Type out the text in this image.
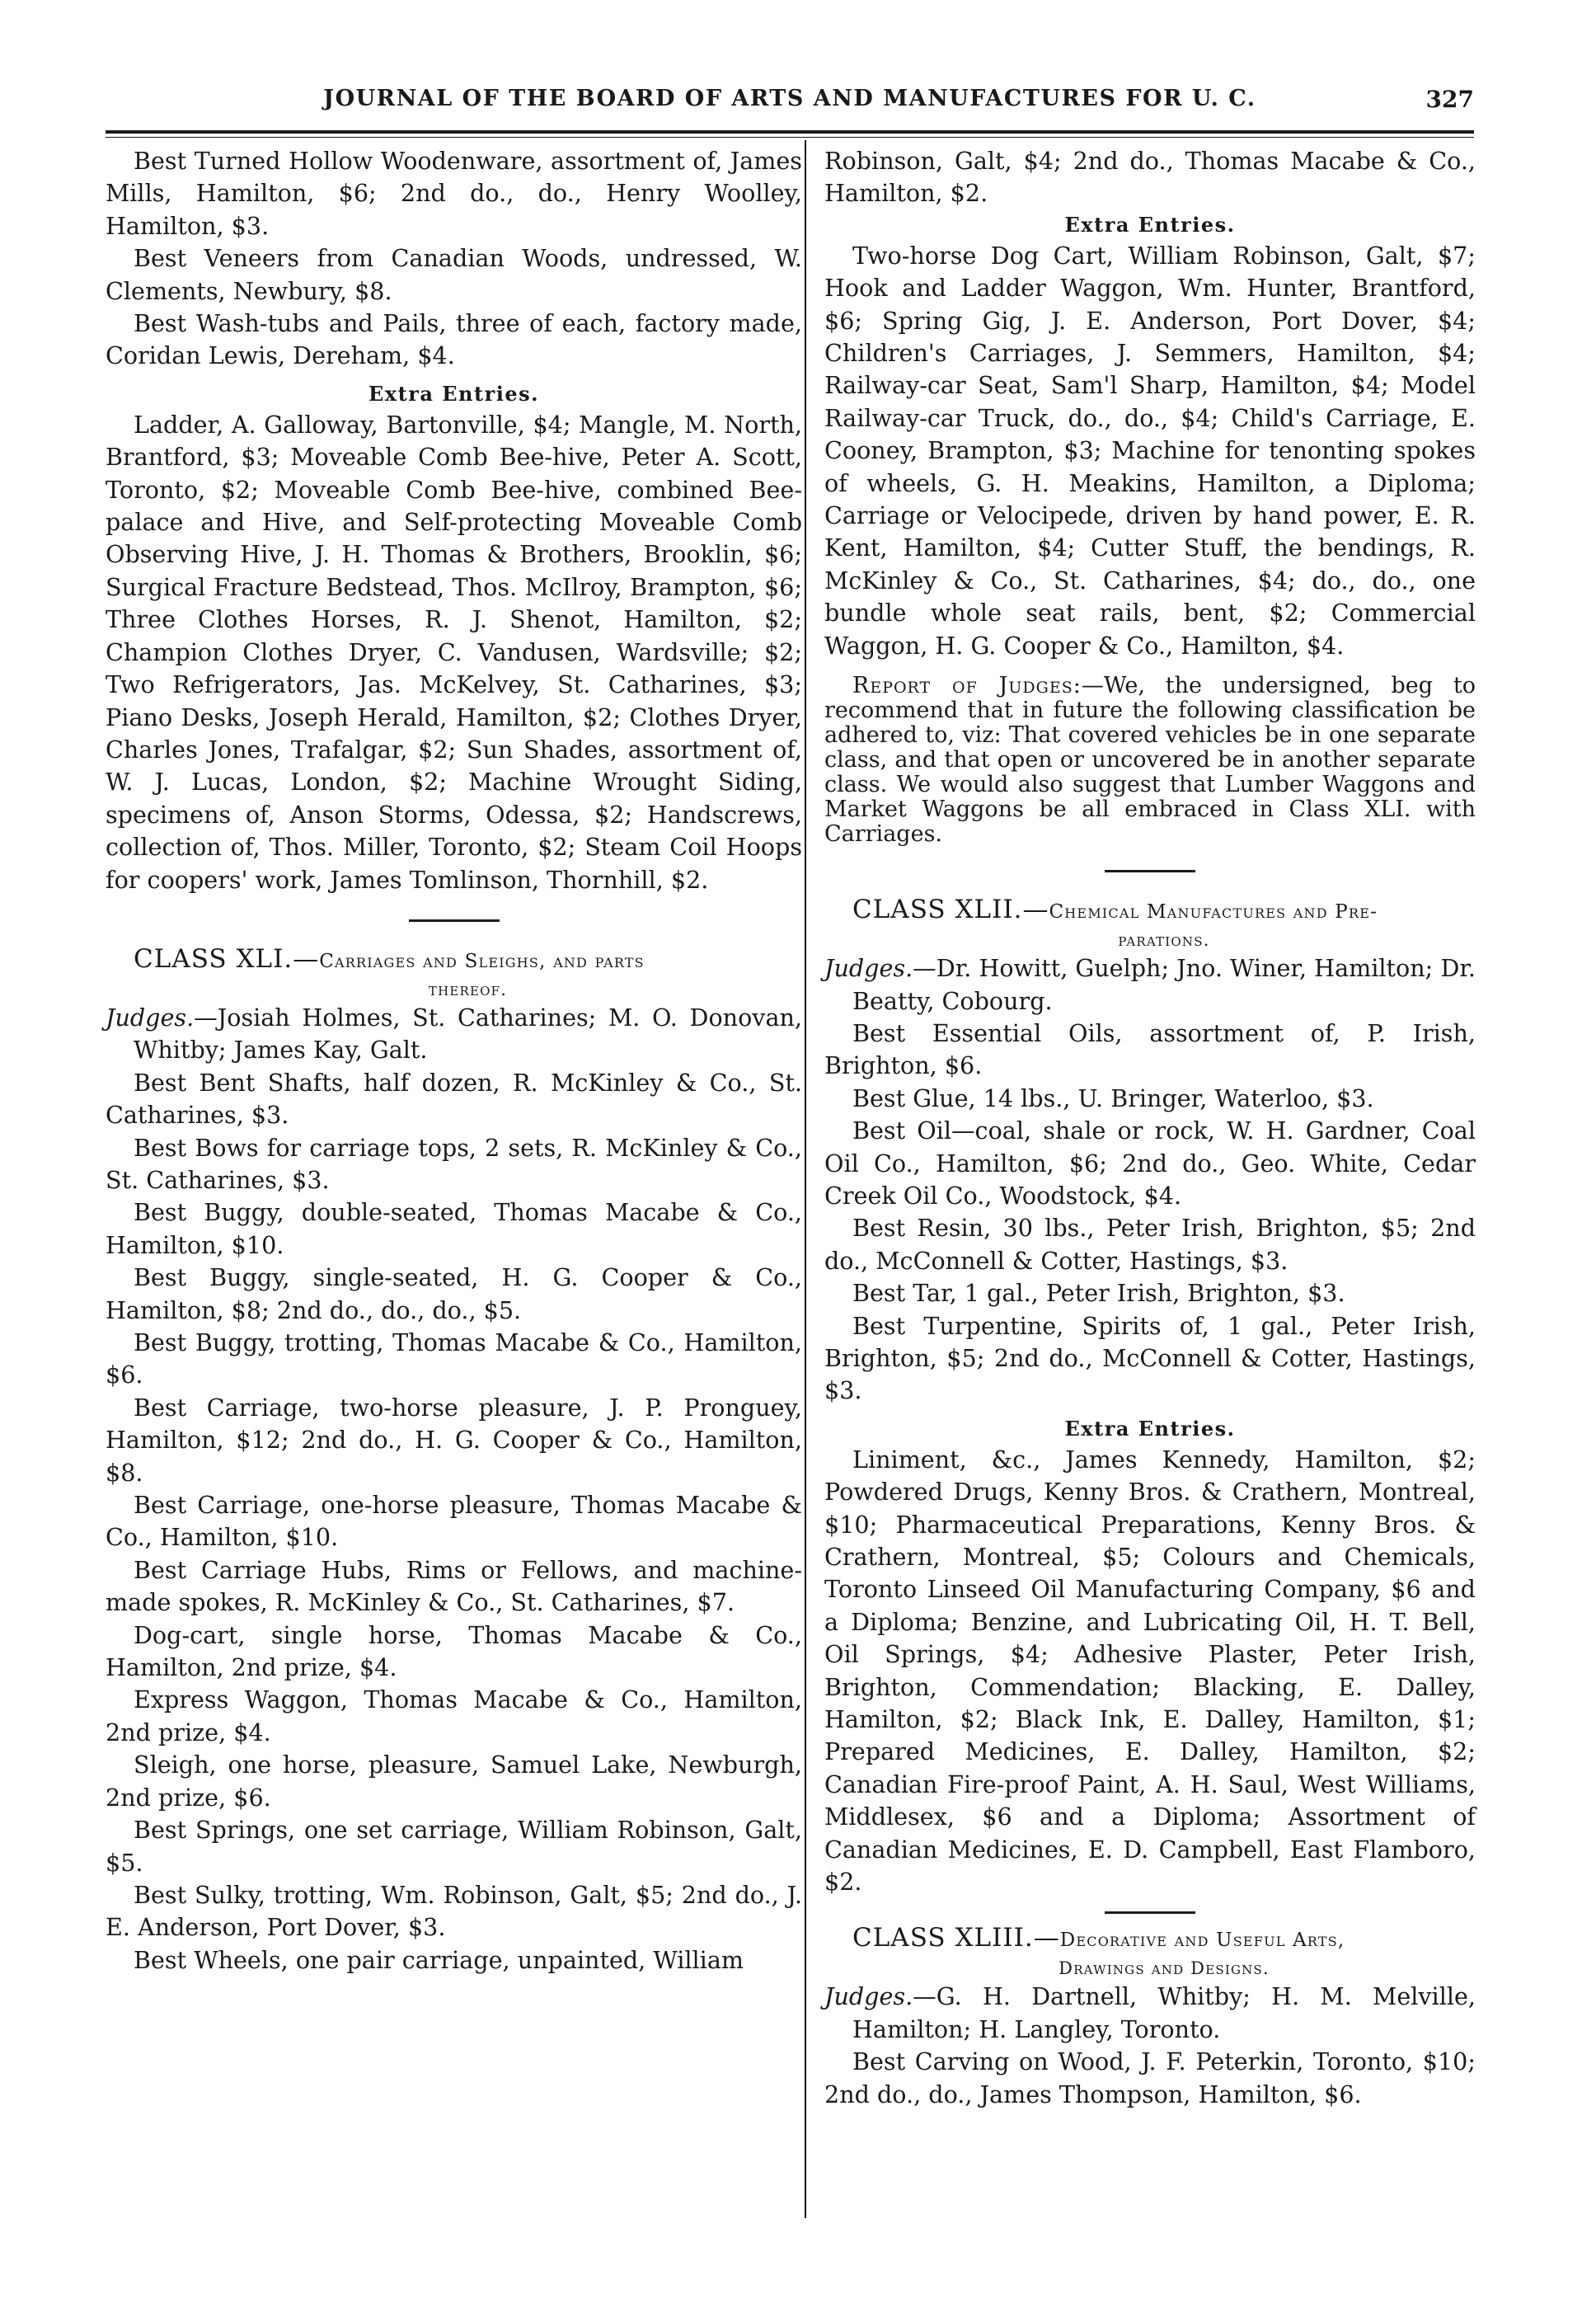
JOURNAL OF THE BOARD OF ARTS AND MANUFACTURES FOR U. C.	327

Best Turned Hollow Woodenware, assortment of, James Mills, Hamilton, $6; 2nd do., do., Henry Woolley, Hamilton, $3.

Best Veneers from Canadian Woods, undressed, W. Clements, Newbury, $8.

Best Wash-tubs and Pails, three of each, factory made, Coridan Lewis, Dereham, $4.

Extra Entries.

Ladder, A. Galloway, Bartonville, $4; Mangle, M. North, Brantford, $3; Moveable Comb Bee-hive, Peter A. Scott, Toronto, $2; Moveable Comb Bee-hive, combined Bee-palace and Hive, and Self-protecting Moveable Comb Observing Hive, J. H. Thomas & Brothers, Brooklin, $6; Surgical Fracture Bedstead, Thos. McIlroy, Brampton, $6; Three Clothes Horses, R. J. Shenot, Hamilton, $2; Champion Clothes Dryer, C. Vandusen, Wardsville; $2; Two Refrigerators, Jas. McKelvey, St. Catharines, $3; Piano Desks, Joseph Herald, Hamilton, $2; Clothes Dryer, Charles Jones, Trafalgar, $2; Sun Shades, assortment of, W. J. Lucas, London, $2; Machine Wrought Siding, specimens of, Anson Storms, Odessa, $2; Handscrews, collection of, Thos. Miller, Toronto, $2; Steam Coil Hoops for coopers' work, James Tomlinson, Thornhill, $2.

CLASS XLI.—Carriages and Sleighs, and parts
thereof.

Judges.—Josiah Holmes, St. Catharines; M. O. Donovan, Whitby; James Kay, Galt.

Best Bent Shafts, half dozen, R. McKinley & Co., St. Catharines, $3.

Best Bows for carriage tops, 2 sets, R. McKinley & Co., St. Catharines, $3.

Best Buggy, double-seated, Thomas Macabe & Co., Hamilton, $10.

Best Buggy, single-seated, H. G. Cooper & Co., Hamilton, $8; 2nd do., do., do., $5.

Best Buggy, trotting, Thomas Macabe & Co., Hamilton, $6.

Best Carriage, two-horse pleasure, J. P. Pronguey, Hamilton, $12; 2nd do., H. G. Cooper & Co., Hamilton, $8.

Best Carriage, one-horse pleasure, Thomas Macabe & Co., Hamilton, $10.

Best Carriage Hubs, Rims or Fellows, and machine-made spokes, R. McKinley & Co., St. Catharines, $7.

Dog-cart, single horse, Thomas Macabe & Co., Hamilton, 2nd prize, $4.

Express Waggon, Thomas Macabe & Co., Hamilton, 2nd prize, $4.

Sleigh, one horse, pleasure, Samuel Lake, Newburgh, 2nd prize, $6.

Best Springs, one set carriage, William Robinson, Galt, $5.

Best Sulky, trotting, Wm. Robinson, Galt, $5; 2nd do., J. E. Anderson, Port Dover, $3.

Best Wheels, one pair carriage, unpainted, William

Robinson, Galt, $4; 2nd do., Thomas Macabe & Co., Hamilton, $2.

Extra Entries.

Two-horse Dog Cart, William Robinson, Galt, $7; Hook and Ladder Waggon, Wm. Hunter, Brantford, $6; Spring Gig, J. E. Anderson, Port Dover, $4; Children's Carriages, J. Semmers, Hamilton, $4; Railway-car Seat, Sam'l Sharp, Hamilton, $4; Model Railway-car Truck, do., do., $4; Child's Carriage, E. Cooney, Brampton, $3; Machine for tenonting spokes of wheels, G. H. Meakins, Hamilton, a Diploma; Carriage or Velocipede, driven by hand power, E. R. Kent, Hamilton, $4; Cutter Stuff, the bendings, R. McKinley & Co., St. Catharines, $4; do., do., one bundle whole seat rails, bent, $2; Commercial Waggon, H. G. Cooper & Co., Hamilton, $4.

Report of Judges:—We, the undersigned, beg to recommend that in future the following classification be adhered to, viz: That covered vehicles be in one separate class, and that open or uncovered be in another separate class. We would also suggest that Lumber Waggons and Market Waggons be all embraced in Class XLI. with Carriages.

CLASS XLII.—Chemical Manufactures and Pre-
parations.

Judges.—Dr. Howitt, Guelph; Jno. Winer, Hamilton; Dr. Beatty, Cobourg.

Best Essential Oils, assortment of, P. Irish, Brighton, $6.

Best Glue, 14 lbs., U. Bringer, Waterloo, $3.

Best Oil—coal, shale or rock, W. H. Gardner, Coal Oil Co., Hamilton, $6; 2nd do., Geo. White, Cedar Creek Oil Co., Woodstock, $4.

Best Resin, 30 lbs., Peter Irish, Brighton, $5; 2nd do., McConnell & Cotter, Hastings, $3.

Best Tar, 1 gal., Peter Irish, Brighton, $3.

Best Turpentine, Spirits of, 1 gal., Peter Irish, Brighton, $5; 2nd do., McConnell & Cotter, Hastings, $3.

Extra Entries.

Liniment, &c., James Kennedy, Hamilton, $2; Powdered Drugs, Kenny Bros. & Crathern, Montreal, $10; Pharmaceutical Preparations, Kenny Bros. & Crathern, Montreal, $5; Colours and Chemicals, Toronto Linseed Oil Manufacturing Company, $6 and a Diploma; Benzine, and Lubricating Oil, H. T. Bell, Oil Springs, $4; Adhesive Plaster, Peter Irish, Brighton, Commendation; Blacking, E. Dalley, Hamilton, $2; Black Ink, E. Dalley, Hamilton, $1; Prepared Medicines, E. Dalley, Hamilton, $2; Canadian Fire-proof Paint, A. H. Saul, West Williams, Middlesex, $6 and a Diploma; Assortment of Canadian Medicines, E. D. Campbell, East Flamboro, $2.

CLASS XLIII.—Decorative and Useful Arts,
Drawings and Designs.

Judges.—G. H. Dartnell, Whitby; H. M. Melville, Hamilton; H. Langley, Toronto.

Best Carving on Wood, J. F. Peterkin, Toronto, $10; 2nd do., do., James Thompson, Hamilton, $6.
